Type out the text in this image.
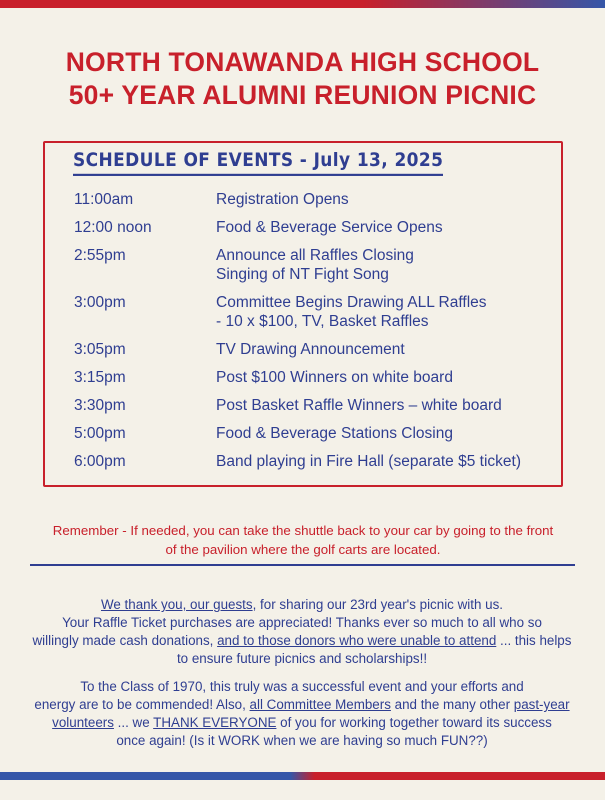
NORTH TONAWANDA HIGH SCHOOL
50+ YEAR ALUMNI REUNION PICNIC
SCHEDULE OF EVENTS - July 13, 2025
11:00am	Registration Opens
12:00 noon	Food & Beverage Service Opens
2:55pm	Announce all Raffles Closing
Singing of NT Fight Song
3:00pm	Committee Begins Drawing ALL Raffles
- 10 x $100, TV, Basket Raffles
3:05pm	TV Drawing Announcement
3:15pm	Post $100 Winners on white board
3:30pm	Post Basket Raffle Winners – white board
5:00pm	Food & Beverage Stations Closing
6:00pm	Band playing in Fire Hall (separate $5 ticket)
Remember - If needed, you can take the shuttle back to your car by going to the front
of the pavilion where the golf carts are located.

We thank you, our guests, for sharing our 23rd year's picnic with us.
Your Raffle Ticket purchases are appreciated! Thanks ever so much to all who so
willingly made cash donations, and to those donors who were unable to attend ... this helps
to ensure future picnics and scholarships!!

To the Class of 1970, this truly was a successful event and your efforts and
energy are to be commended! Also, all Committee Members and the many other past-year
volunteers ... we THANK EVERYONE of you for working together toward its success
once again! (Is it WORK when we are having so much FUN??)
